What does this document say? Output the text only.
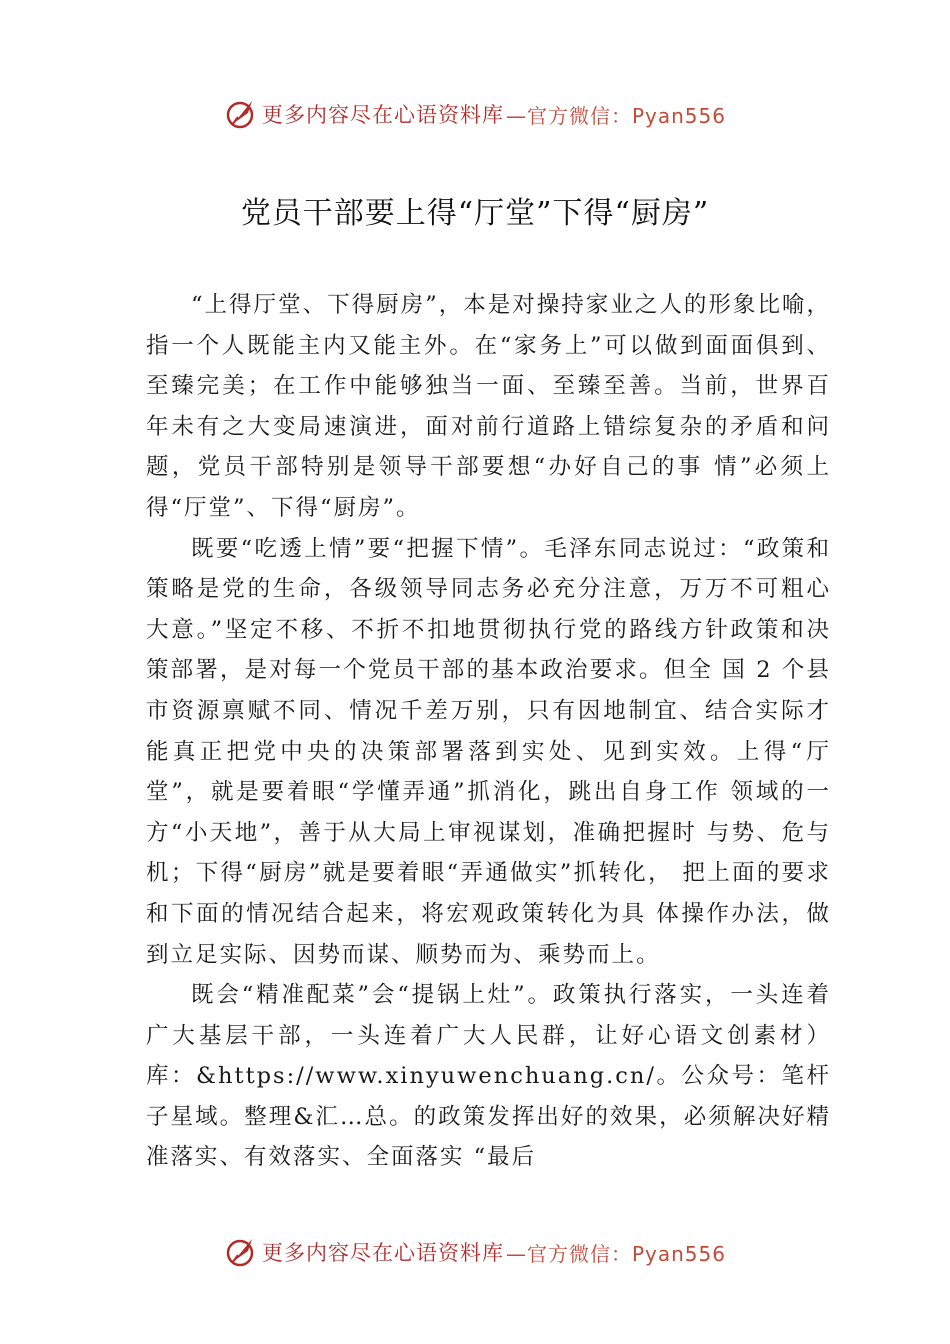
更多内容尽在心语资料库 —官方微信：Pyan556
党员干部要上得“厅堂”下得“厨房”

“上得厅堂、下得厨房”，本是对操持家业之人的形象比喻，指一个人既能主内又能主外。在“家务上”可以做到面面俱到、至臻完美；在工作中能够独当一面、至臻至善。当前，世界百年未有之大变局速演进，面对前行道路上错综复杂的矛盾和问题，党员干部特别是领导干部要想“办好自己的事 情”必须上得“厅堂”、下得“厨房”。

既要“吃透上情”要“把握下情”。毛泽东同志说过：“政策和策略是党的生命，各级领导同志务必充分注意，万万不可粗心大意。”坚定不移、不折不扣地贯彻执行党的路线方针政策和决策部署，是对每一个党员干部的基本政治要求。但全 国 2 个县市资源禀赋不同、情况千差万别，只有因地制宜、结合实际才能真正把党中央的决策部署落到实处、见到实效。上得“厅堂”，就是要着眼“学懂弄通”抓消化，跳出自身工作 领域的一方“小天地”，善于从大局上审视谋划，准确把握时 与势、危与机；下得“厨房”就是要着眼“弄通做实”抓转化， 把上面的要求和下面的情况结合起来，将宏观政策转化为具 体操作办法，做到立足实际、因势而谋、顺势而为、乘势而上。

既会“精准配菜”会“提锅上灶”。政策执行落实，一头连着广大基层干部，一头连着广大人民群，让好心语文创素材）库：&https://www.xinyuwenchuang.cn/。公众号：笔杆子星域。整理&汇…总。的政策发挥出好的效果，必须解决好精准落实、有效落实、全面落实 “最后

更多内容尽在心语资料库 —官方微信：Pyan556
